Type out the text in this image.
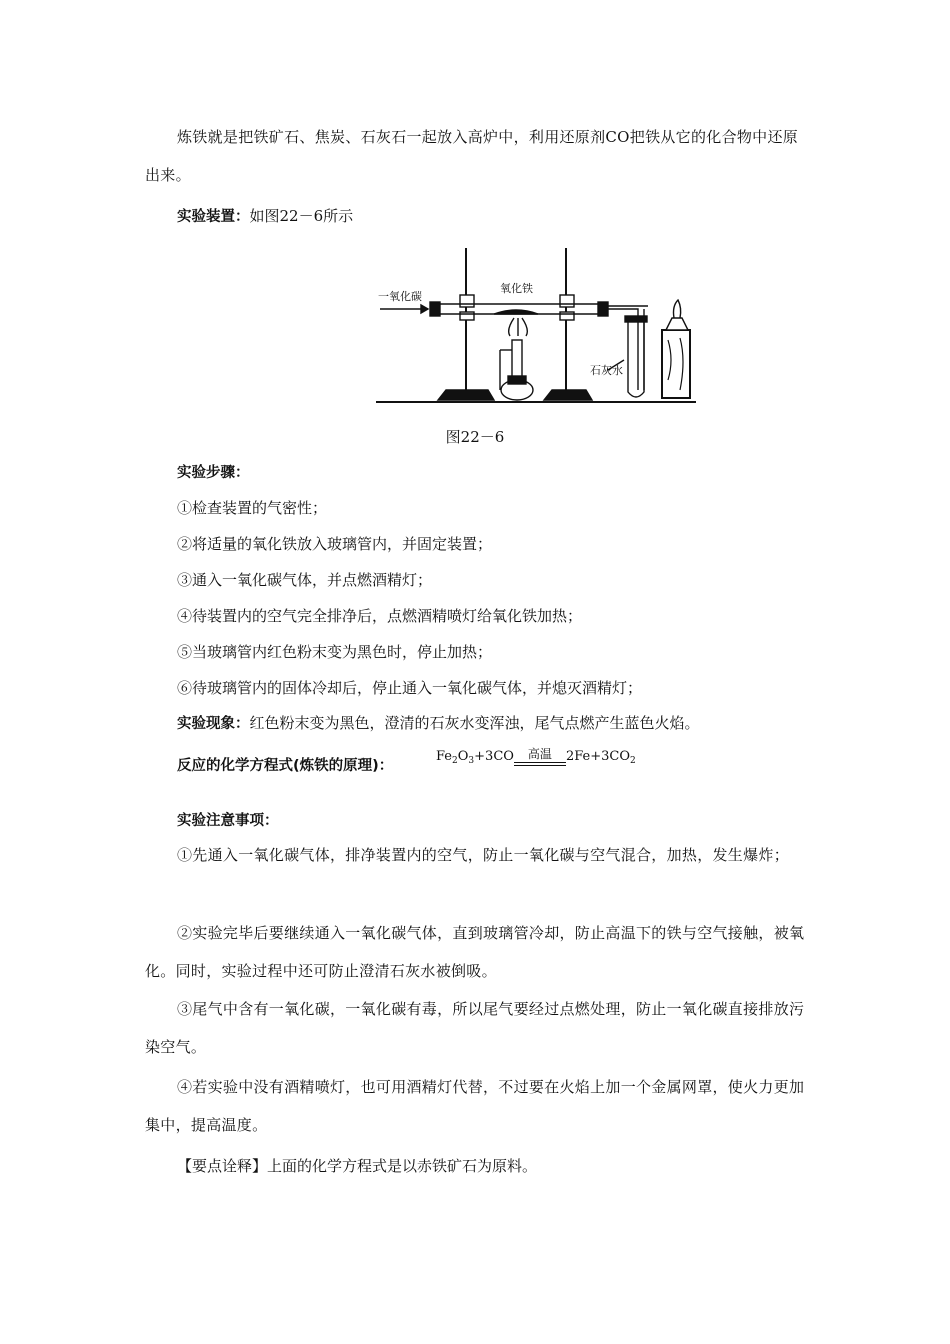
炼铁就是把铁矿石、焦炭、石灰石一起放入高炉中，利用还原剂CO把铁从它的化合物中还原出来。
实验装置：如图22－6所示
一氧化碳
氧化铁
石灰水
图22－6
实验步骤：
①检查装置的气密性；
②将适量的氧化铁放入玻璃管内，并固定装置；
③通入一氧化碳气体，并点燃酒精灯；
④待装置内的空气完全排净后，点燃酒精喷灯给氧化铁加热；
⑤当玻璃管内红色粉末变为黑色时，停止加热；
⑥待玻璃管内的固体冷却后，停止通入一氧化碳气体，并熄灭酒精灯；
实验现象：红色粉末变为黑色，澄清的石灰水变浑浊，尾气点燃产生蓝色火焰。
反应的化学方程式(炼铁的原理)：
$Fe_2O_3+3CO$	高温	$2Fe+3CO_2$
实验注意事项：
①先通入一氧化碳气体，排净装置内的空气，防止一氧化碳与空气混合，加热，发生爆炸；
②实验完毕后要继续通入一氧化碳气体，直到玻璃管冷却，防止高温下的铁与空气接触，被氧化。同时，实验过程中还可防止澄清石灰水被倒吸。
③尾气中含有一氧化碳，一氧化碳有毒，所以尾气要经过点燃处理，防止一氧化碳直接排放污染空气。
④若实验中没有酒精喷灯，也可用酒精灯代替，不过要在火焰上加一个金属网罩，使火力更加集中，提高温度。
【要点诠释】上面的化学方程式是以赤铁矿石为原料。
